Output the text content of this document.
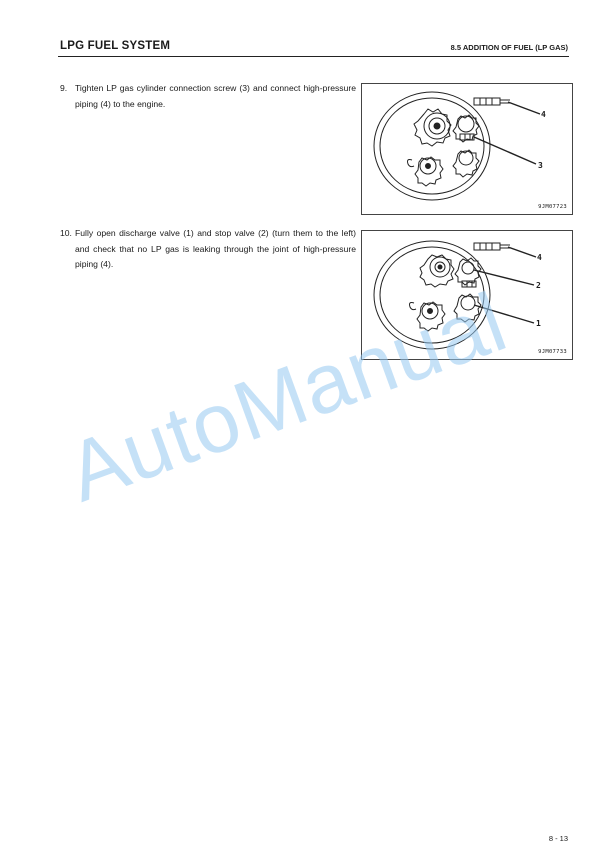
LPG FUEL SYSTEM	8.5 ADDITION OF FUEL (LP GAS)
9. Tighten LP gas cylinder connection screw (3) and connect high-pressure piping (4) to the engine.
4
3
9JM07723
10. Fully open discharge valve (1) and stop valve (2) (turn them to the left) and check that no LP gas is leaking through the joint of high-pressure piping (4).
4
2
1
9JM07733
AutoManual
8 - 13
